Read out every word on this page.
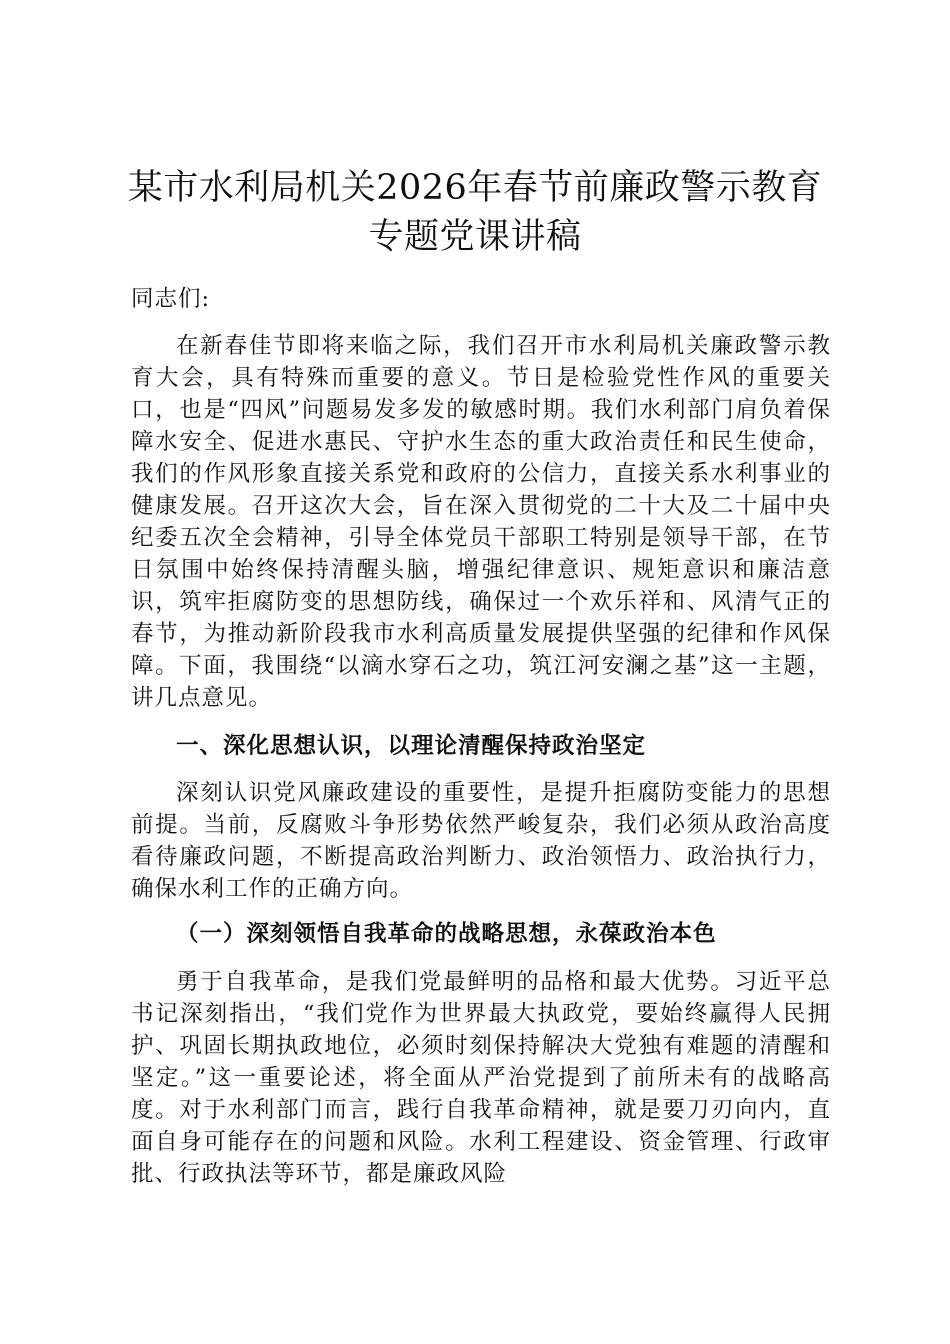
某市水利局机关2026年春节前廉政警示教育
专题党课讲稿

同志们:

在新春佳节即将来临之际，我们召开市水利局机关廉政警示教育大会，具有特殊而重要的意义。节日是检验党性作风的重要关口，也是“四风”问题易发多发的敏感时期。我们水利部门肩负着保障水安全、促进水惠民、守护水生态的重大政治责任和民生使命，我们的作风形象直接关系党和政府的公信力，直接关系水利事业的健康发展。召开这次大会，旨在深入贯彻党的二十大及二十届中央纪委五次全会精神，引导全体党员干部职工特别是领导干部，在节日氛围中始终保持清醒头脑，增强纪律意识、规矩意识和廉洁意识，筑牢拒腐防变的思想防线，确保过一个欢乐祥和、风清气正的春节，为推动新阶段我市水利高质量发展提供坚强的纪律和作风保障。下面，我围绕“以滴水穿石之功，筑江河安澜之基”这一主题，讲几点意见。

一、深化思想认识，以理论清醒保持政治坚定

深刻认识党风廉政建设的重要性，是提升拒腐防变能力的思想前提。当前，反腐败斗争形势依然严峻复杂，我们必须从政治高度看待廉政问题，不断提高政治判断力、政治领悟力、政治执行力，确保水利工作的正确方向。

（一）深刻领悟自我革命的战略思想，永葆政治本色

勇于自我革命，是我们党最鲜明的品格和最大优势。习近平总书记深刻指出，“我们党作为世界最大执政党，要始终赢得人民拥护、巩固长期执政地位，必须时刻保持解决大党独有难题的清醒和坚定。”这一重要论述，将全面从严治党提到了前所未有的战略高度。对于水利部门而言，践行自我革命精神，就是要刀刃向内，直面自身可能存在的问题和风险。水利工程建设、资金管理、行政审批、行政执法等环节，都是廉政风险
